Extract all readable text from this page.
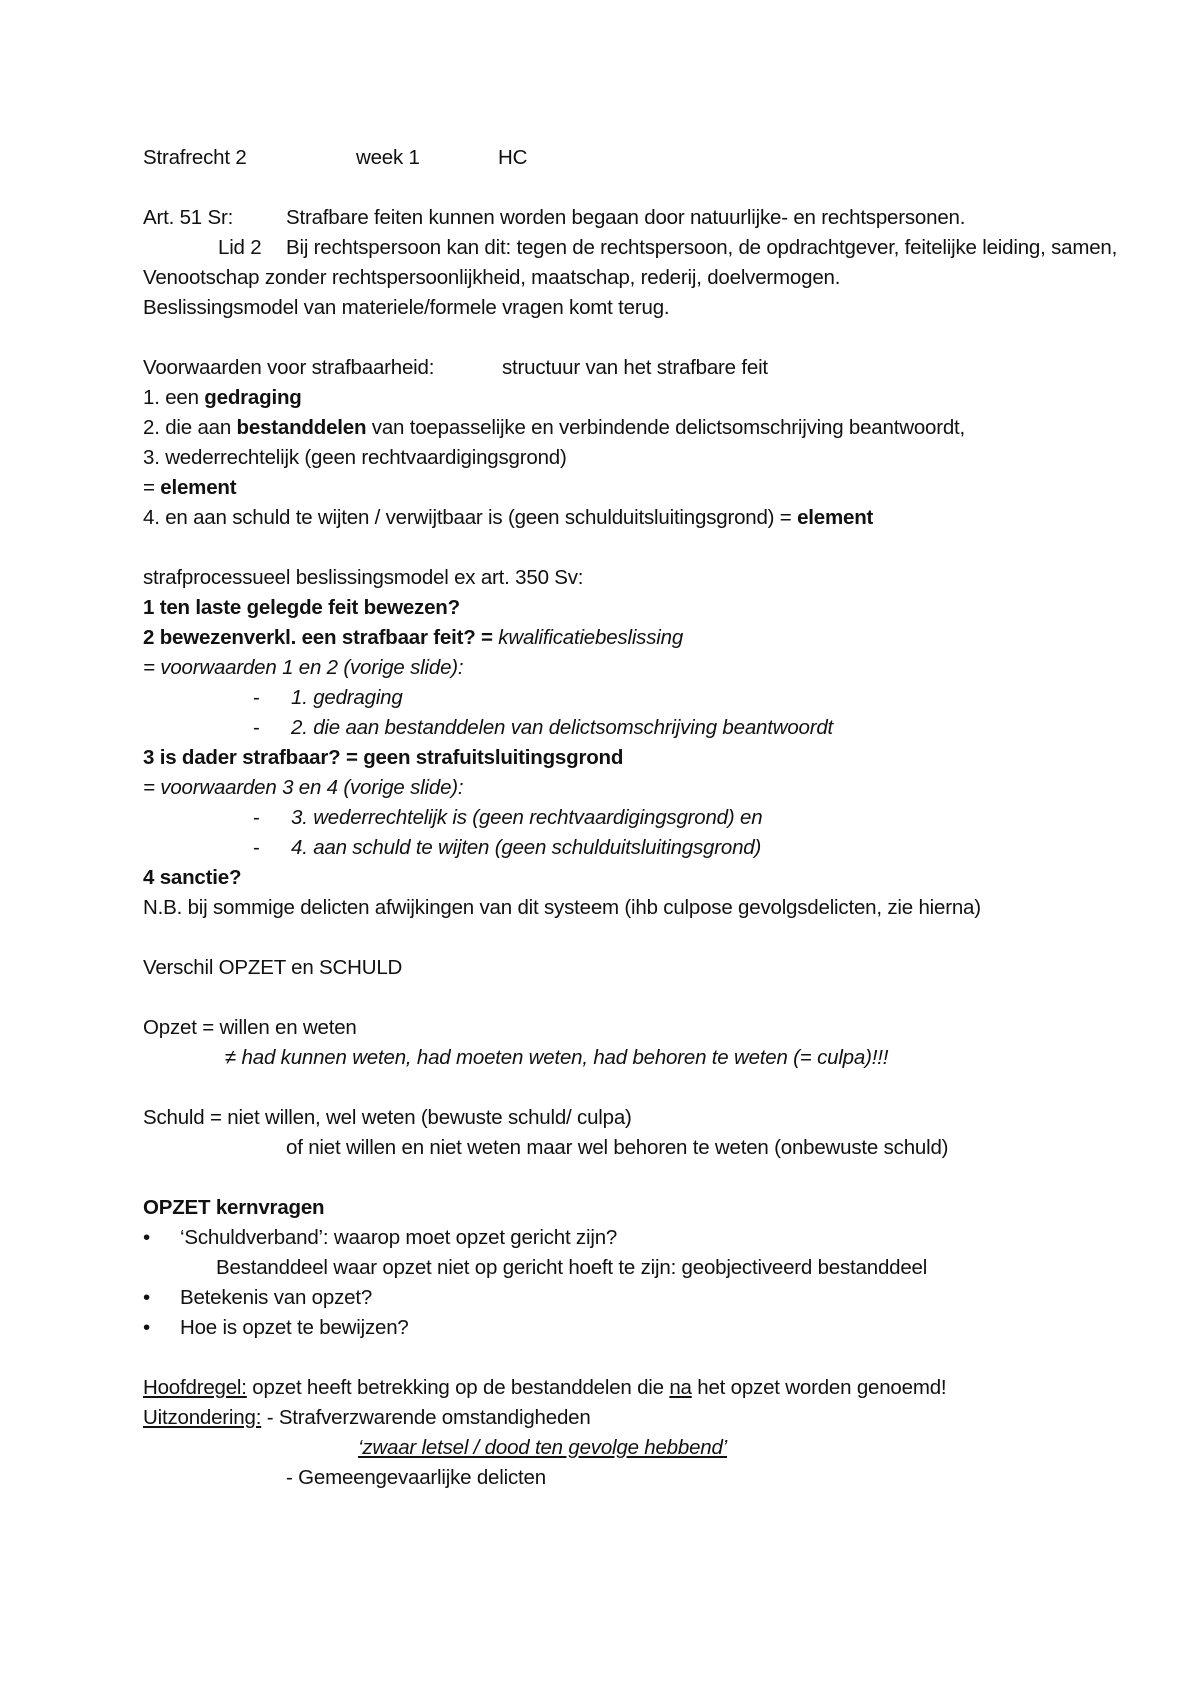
Strafrecht 2	week 1	HC
Art. 51 Sr:	Strafbare feiten kunnen worden begaan door natuurlijke- en rechtspersonen.
Lid 2 Bij rechtspersoon kan dit: tegen de rechtspersoon, de opdrachtgever, feitelijke leiding, samen, Venootschap zonder rechtspersoonlijkheid, maatschap, rederij, doelvermogen.
Beslissingsmodel van materiele/formele vragen komt terug.
Voorwaarden voor strafbaarheid:	structuur van het strafbare feit
1. een gedraging
2. die aan bestanddelen van toepasselijke en verbindende delictsomschrijving beantwoordt,
3. wederrechtelijk (geen rechtvaardigingsgrond)
= element
4. en aan schuld te wijten / verwijtbaar is (geen schulduitsluitingsgrond) = element
strafprocessueel beslissingsmodel ex art. 350 Sv:
1 ten laste gelegde feit bewezen?
2 bewezenverkl. een strafbaar feit? = kwalificatiebeslissing
= voorwaarden 1 en 2 (vorige slide):
- 1. gedraging
- 2. die aan bestanddelen van delictsomschrijving beantwoordt
3 is dader strafbaar? = geen strafuitsluitingsgrond
= voorwaarden 3 en 4 (vorige slide):
- 3. wederrechtelijk is (geen rechtvaardigingsgrond) en
- 4. aan schuld te wijten (geen schulduitsluitingsgrond)
4 sanctie?
N.B. bij sommige delicten afwijkingen van dit systeem (ihb culpose gevolgsdelicten, zie hierna)
Verschil OPZET en SCHULD
Opzet = willen en weten
≠ had kunnen weten, had moeten weten, had behoren te weten (= culpa)!!!
Schuld = niet willen, wel weten (bewuste schuld/ culpa)
of niet willen en niet weten maar wel behoren te weten (onbewuste schuld)
OPZET kernvragen
• ‘Schuldverband’: waarop moet opzet gericht zijn?
Bestanddeel waar opzet niet op gericht hoeft te zijn: geobjectiveerd bestanddeel
• Betekenis van opzet?
• Hoe is opzet te bewijzen?
Hoofdregel: opzet heeft betrekking op de bestanddelen die na het opzet worden genoemd!
Uitzondering: - Strafverzwarende omstandigheden
‘zwaar letsel / dood ten gevolge hebbend’
- Gemeengevaarlijke delicten
